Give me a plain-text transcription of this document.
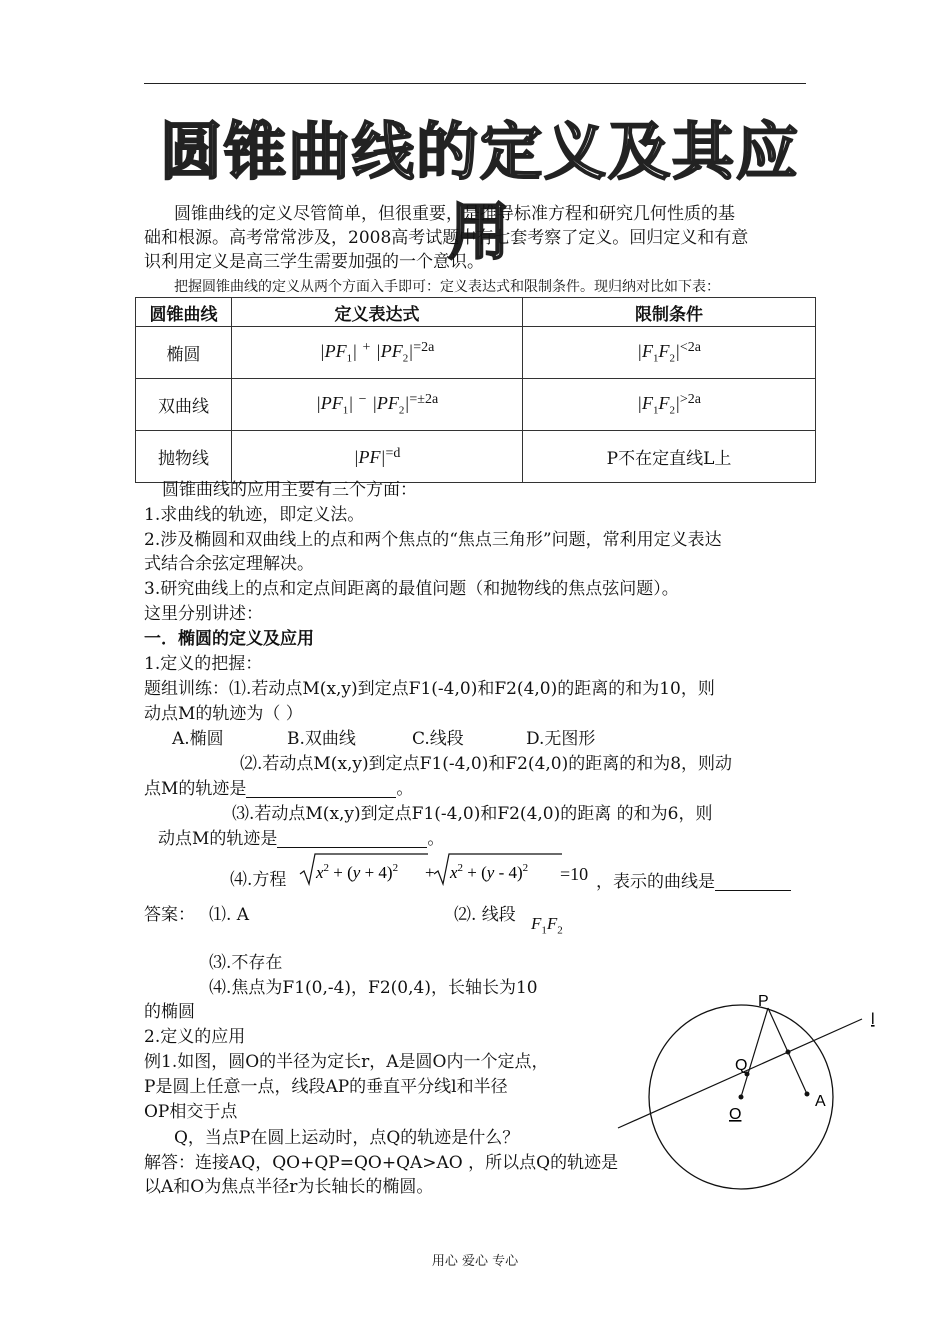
圆锥曲线的定义及其应用
圆锥曲线的定义尽管简单，但很重要，是推导标准方程和研究几何性质的基
础和根源。高考常常涉及，2008高考试题中有七套考察了定义。回归定义和有意
识利用定义是高三学生需要加强的一个意识。
把握圆锥曲线的定义从两个方面入手即可：定义表达式和限制条件。现归纳对比如下表：
圆锥曲线	定义表达式	限制条件
椭圆	$|PF_1|$ + $|PF_2|^{=2a}$	$|F_1F_2|^{<2a}$
双曲线	$|PF_1|$ − $|PF_2|^{=\pm 2a}$	$|F_1F_2|^{>2a}$
抛物线	$|PF|^{=d}$	P不在定直线L上
圆锥曲线的应用主要有三个方面：
1.求曲线的轨迹，即定义法。
2.涉及椭圆和双曲线上的点和两个焦点的“焦点三角形”问题，常利用定义表达
式结合余弦定理解决。
3.研究曲线上的点和定点间距离的最值问题（和抛物线的焦点弦问题）。
这里分别讲述：
一．椭圆的定义及应用
1.定义的把握：
题组训练：⑴.若动点M(x,y)到定点F1(-4,0)和F2(4,0)的距离的和为10，则
动点M的轨迹为（ ）
A.椭圆	B.双曲线	C.线段	D.无图形
⑵.若动点M(x,y)到定点F1(-4,0)和F2(4,0)的距离的和为8，则动
点M的轨迹是	。
⑶.若动点M(x,y)到定点F1(-4,0)和F2(4,0)的距离 的和为6，则
动点M的轨迹是	。
⑷.方程 $x^2 + (y + 4)^2 + x^2 + (y - 4)^2 =10$ ，表示的曲线是
答案： ⑴. A	⑵. 线段 $F_1F_2$
⑶.不存在
⑷.焦点为F1(0,-4)，F2(0,4)，长轴长为10
的椭圆
2.定义的应用
例1.如图，圆O的半径为定长r，A是圆O内一个定点，
P是圆上任意一点，线段AP的垂直平分线l和半径
OP相交于点
Q，当点P在圆上运动时，点Q的轨迹是什么？
解答：连接AQ，QO+QP=QO+QA>AO ，所以点Q的轨迹是
以A和O为焦点半径r为长轴长的椭圆。
P
Q
O
A
l
用心 爱心 专心
